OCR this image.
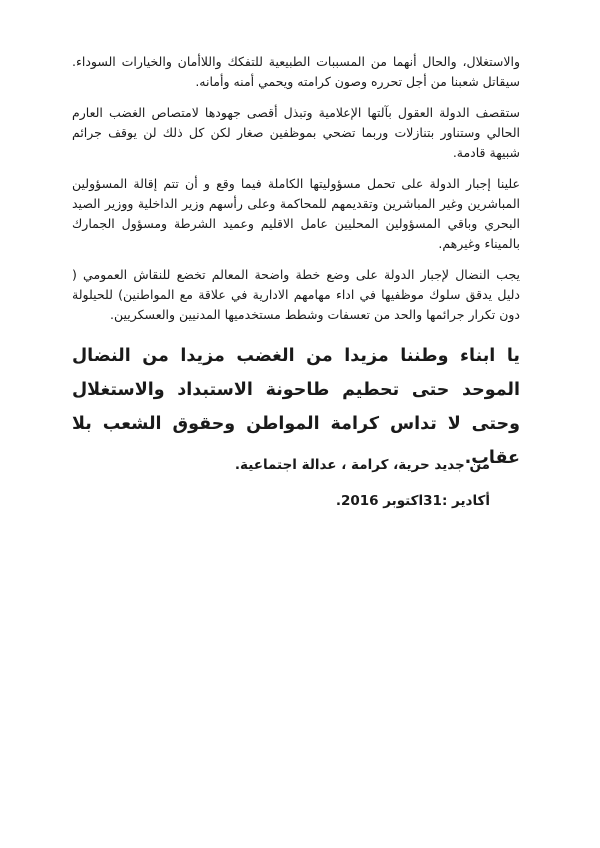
والاستغلال، والحال أنهما من المسببات الطبيعية للتفكك واللاأمان والخيارات السوداء. سيقاتل شعبنا من أجل تحرره وصون كرامته ويحمي أمنه وأمانه.

ستقصف الدولة العقول بآلتها الإعلامية وتبذل أقصى جهودها لامتصاص الغضب العارم الحالي وستناور بتنازلات وربما تضحي بموظفين صغار لكن كل ذلك لن يوقف جرائم شبيهة قادمة.

علينا إجبار الدولة على تحمل مسؤوليتها الكاملة فيما وقع و أن تتم إقالة المسؤولين المباشرين وغير المباشرين وتقديمهم للمحاكمة وعلى رأسهم وزير الداخلية ووزير الصيد البحري وباقي المسؤولين المحليين عامل الاقليم وعميد الشرطة ومسؤول الجمارك بالميناء وغيرهم.

يجب النضال لإجبار الدولة على وضع خطة واضحة المعالم تخضع للنقاش العمومي ( دليل يدقق سلوك موظفيها في اداء مهامهم الادارية في علاقة مع المواطنين) للحيلولة دون تكرار جرائمها والحد من تعسفات وشطط مستخدميها المدنيين والعسكريين.

يا ابناء وطننا مزيدا من الغضب مزيدا من النضال الموحد حتى تحطيم طاحونة الاستبداد والاستغلال وحتى لا تداس كرامة المواطن وحقوق الشعب بلا عقاب.

من جديد حرية، كرامة ، عدالة اجتماعية.

أكادير :31اكتوبر 2016.
